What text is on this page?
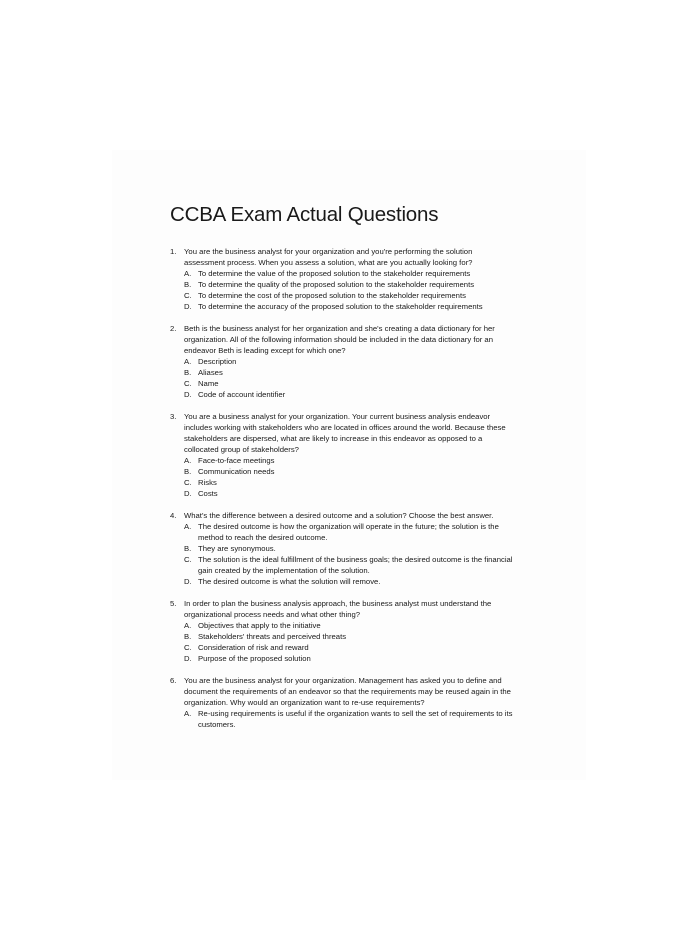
CCBA Exam Actual Questions
1. You are the business analyst for your organization and you're performing the solution
assessment process. When you assess a solution, what are you actually looking for?
A. To determine the value of the proposed solution to the stakeholder requirements
B. To determine the quality of the proposed solution to the stakeholder requirements
C. To determine the cost of the proposed solution to the stakeholder requirements
D. To determine the accuracy of the proposed solution to the stakeholder requirements
2. Beth is the business analyst for her organization and she's creating a data dictionary for her
organization. All of the following information should be included in the data dictionary for an
endeavor Beth is leading except for which one?
A. Description
B. Aliases
C. Name
D. Code of account identifier
3. You are a business analyst for your organization. Your current business analysis endeavor
includes working with stakeholders who are located in offices around the world. Because these
stakeholders are dispersed, what are likely to increase in this endeavor as opposed to a
collocated group of stakeholders?
A. Face-to-face meetings
B. Communication needs
C. Risks
D. Costs
4. What's the difference between a desired outcome and a solution? Choose the best answer.
A. The desired outcome is how the organization will operate in the future; the solution is the
method to reach the desired outcome.
B. They are synonymous.
C. The solution is the ideal fulfillment of the business goals; the desired outcome is the financial
gain created by the implementation of the solution.
D. The desired outcome is what the solution will remove.
5. In order to plan the business analysis approach, the business analyst must understand the
organizational process needs and what other thing?
A. Objectives that apply to the initiative
B. Stakeholders' threats and perceived threats
C. Consideration of risk and reward
D. Purpose of the proposed solution
6. You are the business analyst for your organization. Management has asked you to define and
document the requirements of an endeavor so that the requirements may be reused again in the
organization. Why would an organization want to re-use requirements?
A. Re-using requirements is useful if the organization wants to sell the set of requirements to its
customers.
